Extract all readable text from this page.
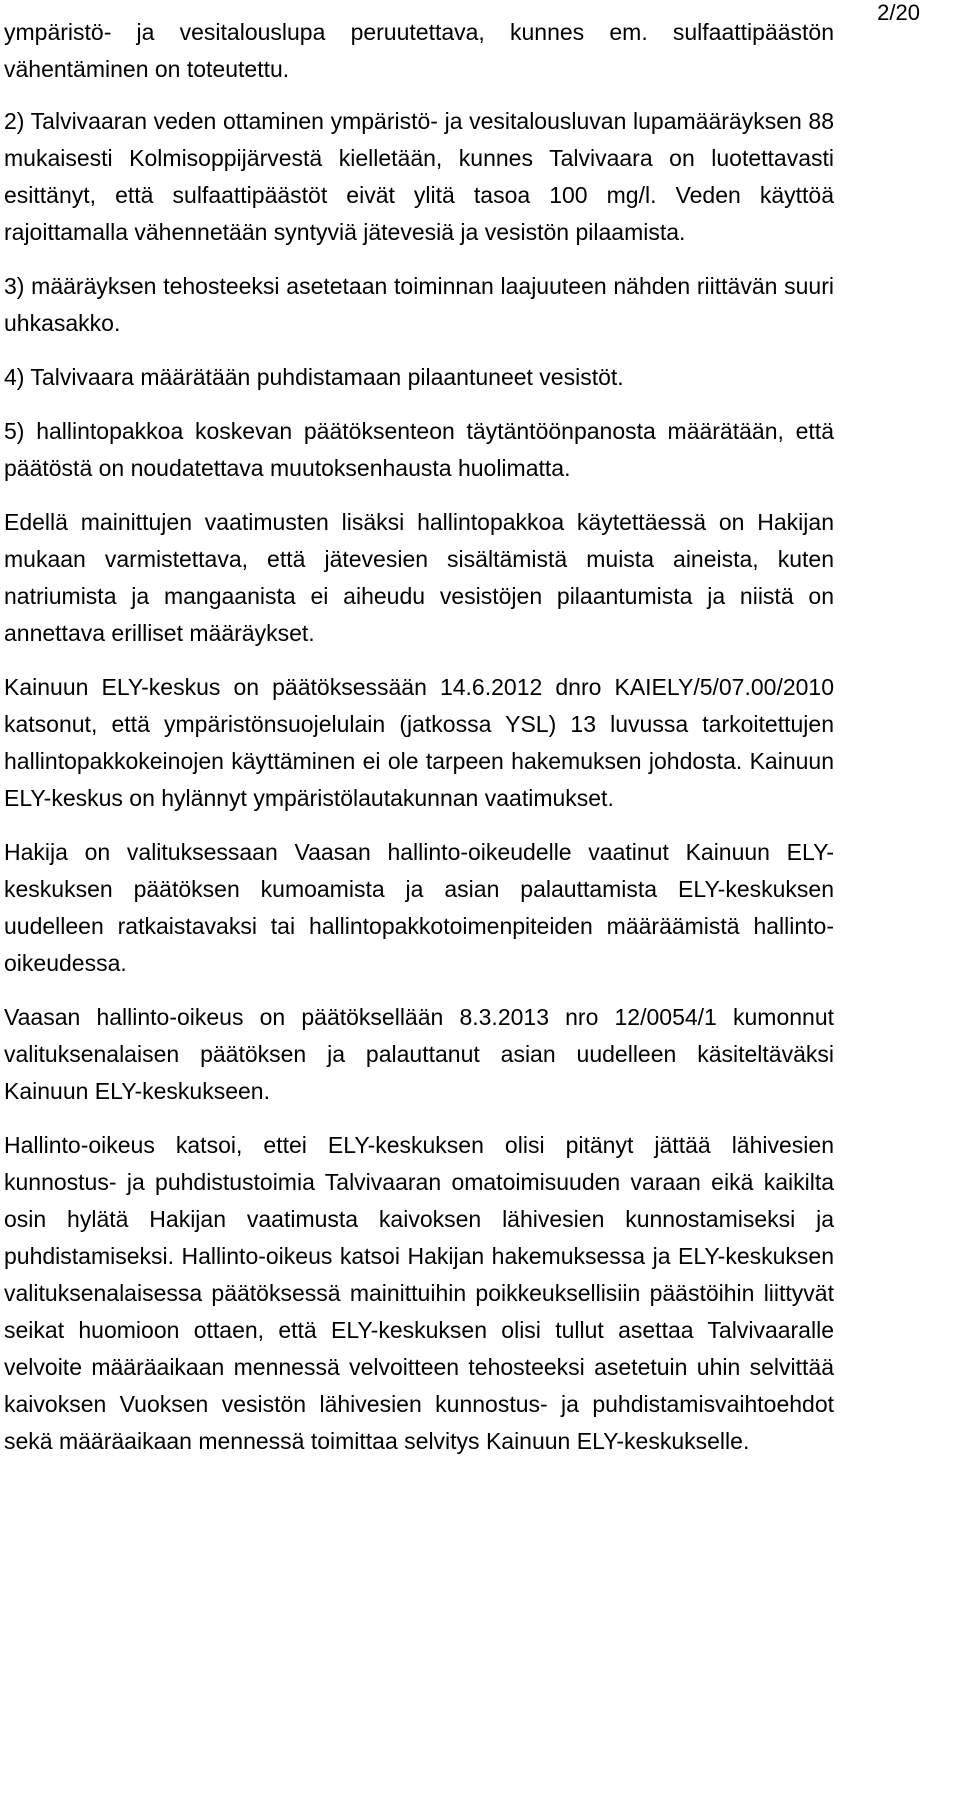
2/20

ympäristö- ja vesitalouslupa peruutettava, kunnes em. sulfaattipäästön vähentäminen on toteutettu.

2) Talvivaaran veden ottaminen ympäristö- ja vesitalousluvan lupamääräyksen 88 mukaisesti Kolmisoppijärvestä kielletään, kunnes Talvivaara on luotettavasti esittänyt, että sulfaattipäästöt eivät ylitä tasoa 100 mg/l. Veden käyttöä rajoittamalla vähennetään syntyviä jätevesiä ja vesistön pilaamista.

3) määräyksen tehosteeksi asetetaan toiminnan laajuuteen nähden riittävän suuri uhkasakko.

4) Talvivaara määrätään puhdistamaan pilaantuneet vesistöt.

5) hallintopakkoa koskevan päätöksenteon täytäntöönpanosta määrätään, että päätöstä on noudatettava muutoksenhausta huolimatta.

Edellä mainittujen vaatimusten lisäksi hallintopakkoa käytettäessä on Hakijan mukaan varmistettava, että jätevesien sisältämistä muista aineista, kuten natriumista ja mangaanista ei aiheudu vesistöjen pilaantumista ja niistä on annettava erilliset määräykset.

Kainuun ELY-keskus on päätöksessään 14.6.2012 dnro KAIELY/5/07.00/2010 katsonut, että ympäristönsuojelulain (jatkossa YSL) 13 luvussa tarkoitettujen hallintopakkokeinojen käyttäminen ei ole tarpeen hakemuksen johdosta. Kainuun ELY-keskus on hylännyt ympäristölautakunnan vaatimukset.

Hakija on valituksessaan Vaasan hallinto-oikeudelle vaatinut Kainuun ELY-keskuksen päätöksen kumoamista ja asian palauttamista ELY-keskuksen uudelleen ratkaistavaksi tai hallintopakkotoimenpiteiden määräämistä hallinto-oikeudessa.

Vaasan hallinto-oikeus on päätöksellään 8.3.2013 nro 12/0054/1 kumonnut valituksenalaisen päätöksen ja palauttanut asian uudelleen käsiteltäväksi Kainuun ELY-keskukseen.

Hallinto-oikeus katsoi, ettei ELY-keskuksen olisi pitänyt jättää lähivesien kunnostus- ja puhdistustoimia Talvivaaran omatoimisuuden varaan eikä kaikilta osin hylätä Hakijan vaatimusta kaivoksen lähivesien kunnostamiseksi ja puhdistamiseksi. Hallinto-oikeus katsoi Hakijan hakemuksessa ja ELY-keskuksen valituksenalaisessa päätöksessä mainittuihin poikkeuksellisiin päästöihin liittyvät seikat huomioon ottaen, että ELY-keskuksen olisi tullut asettaa Talvivaaralle velvoite määräaikaan mennessä velvoitteen tehosteeksi asetetuin uhin selvittää kaivoksen Vuoksen vesistön lähivesien kunnostus- ja puhdistamisvaihtoehdot sekä määräaikaan mennessä toimittaa selvitys Kainuun ELY-keskukselle.
